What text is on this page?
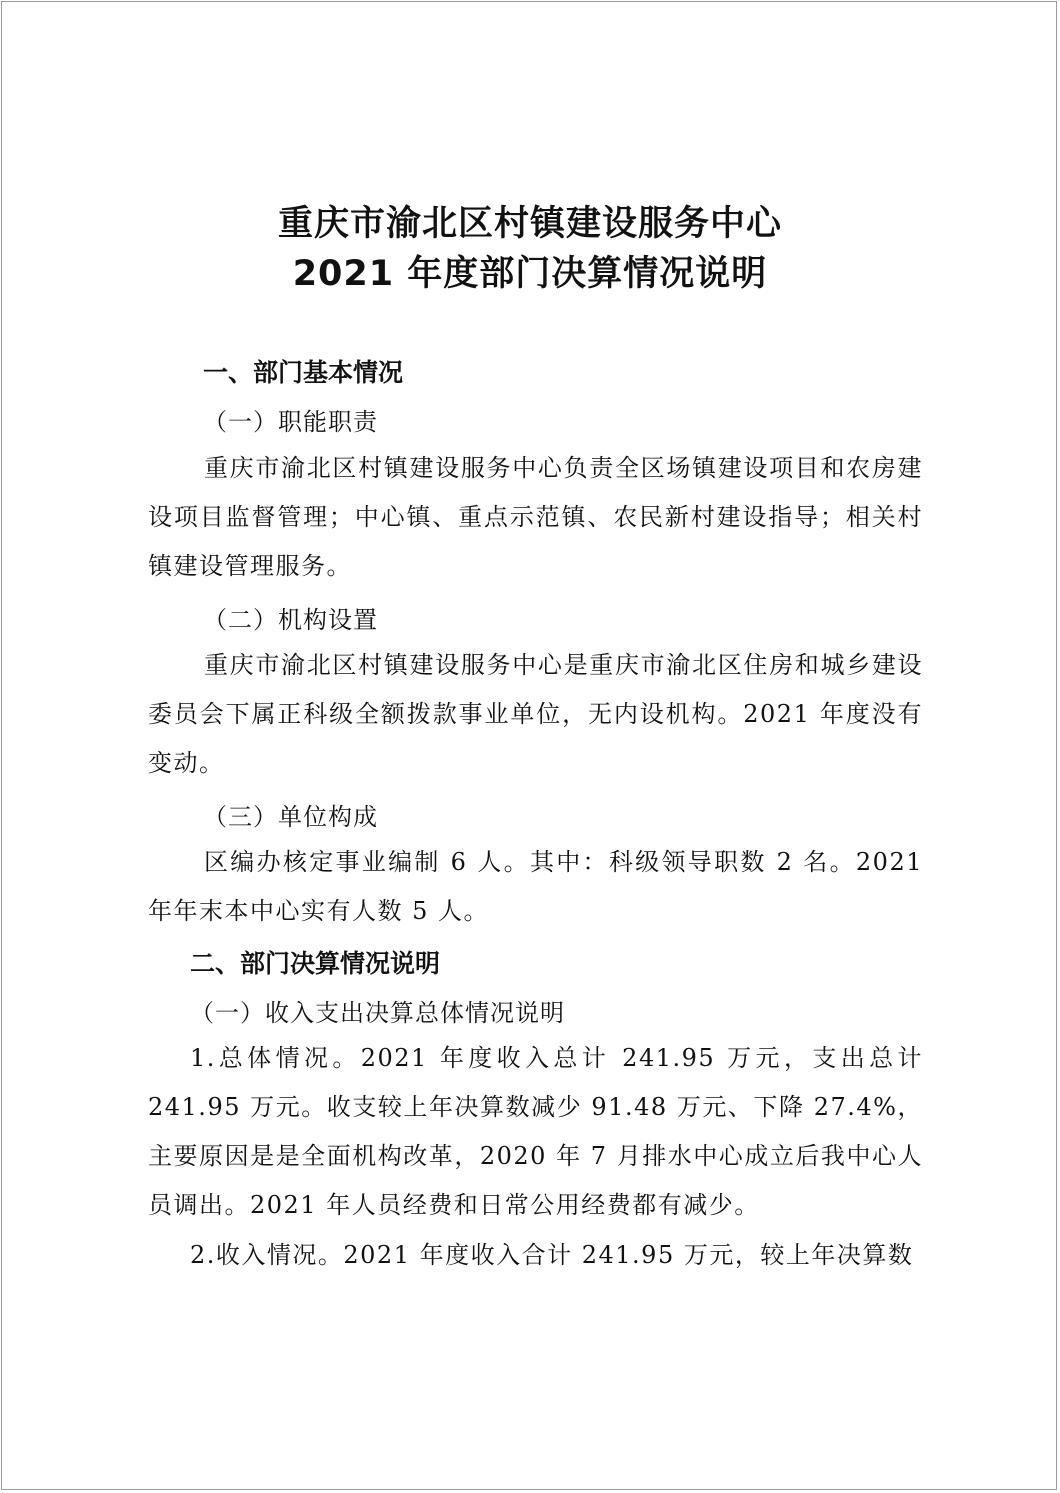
重庆市渝北区村镇建设服务中心
2021 年度部门决算情况说明
一、部门基本情况
（一）职能职责
重庆市渝北区村镇建设服务中心负责全区场镇建设项目和农房建设项目监督管理；中心镇、重点示范镇、农民新村建设指导；相关村镇建设管理服务。
（二）机构设置
重庆市渝北区村镇建设服务中心是重庆市渝北区住房和城乡建设委员会下属正科级全额拨款事业单位，无内设机构。2021 年度没有变动。
（三）单位构成
区编办核定事业编制 6 人。其中：科级领导职数 2 名。2021 年年末本中心实有人数 5 人。
二、部门决算情况说明
（一）收入支出决算总体情况说明
1.总体情况。2021 年度收入总计 241.95 万元，支出总计 241.95 万元。收支较上年决算数减少 91.48 万元、下降 27.4%，主要原因是是全面机构改革，2020 年 7 月排水中心成立后我中心人员调出。2021 年人员经费和日常公用经费都有减少。
2.收入情况。2021 年度收入合计 241.95 万元，较上年决算数
